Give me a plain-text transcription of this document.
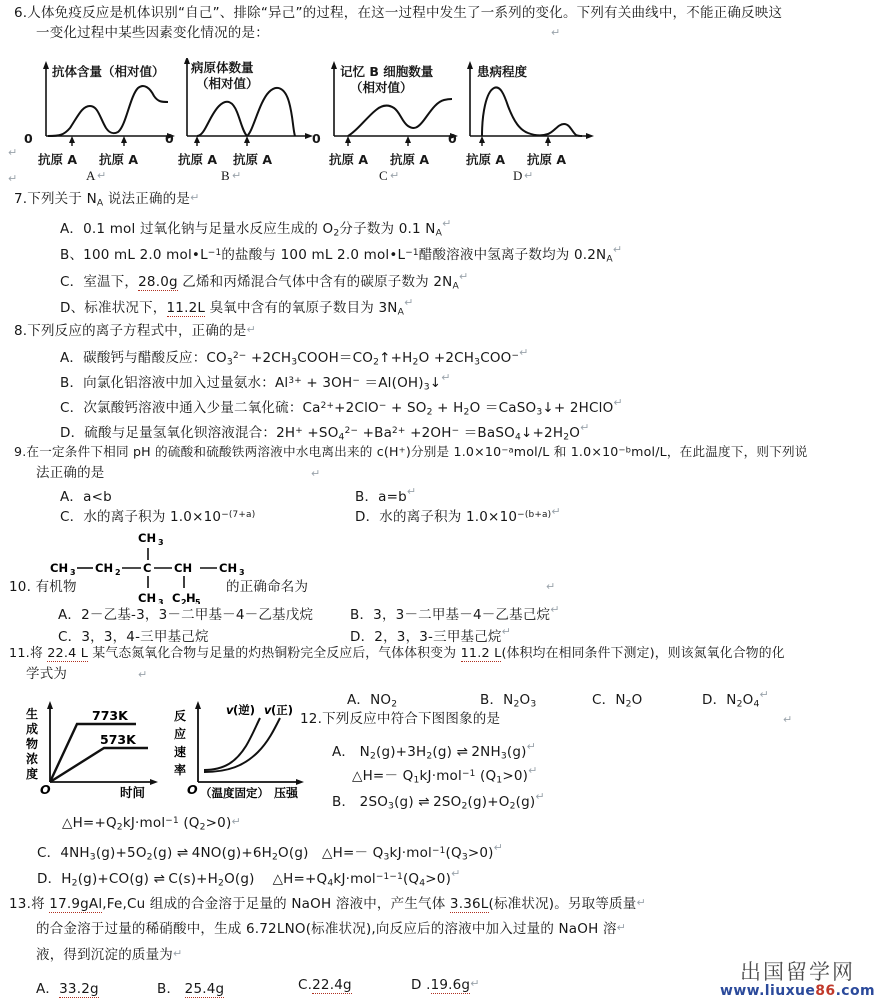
6.人体免疫反应是机体识别“自己”、排除“异己”的过程，在这一过程中发生了一系列的变化。下列有关曲线中，不能正确反映这
一变化过程中某些因素变化情况的是：	↵
0
抗体含量（相对值）
抗原 A 抗原 A
A ↵
0
病原体数量
（相对值）
抗原 A 抗原 A
B ↵
0
记忆 B 细胞数量
（相对值）
抗原 A 抗原 A
C ↵
0
患病程度
抗原 A 抗原 A
D ↵
↵
↵
7.下列关于 $N_A$ 说法正确的是 ↵
A．0.1 mol 过氧化钠与足量水反应生成的 $O_2$分子数为 0.1 $N_A$
↵
B、100 mL 2.0 $mol•L^{-1}$的盐酸与 100 mL 2.0 $mol•L^{-1}$醋酸溶液中氢离子数均为 $0.2N_A$
↵
C．室温下，28.0g 乙烯和丙烯混合气体中含有的碳原子数为 $2N_A$
↵
D、标准状况下，11.2L 臭氧中含有的氧原子数目为 $3N_A$
↵
8.下列反应的离子方程式中，正确的是 ↵
A．碳酸钙与醋酸反应：$CO_3^{2-}$ $+2CH_3COOH=CO_2↑+H_2O +2CH_3COO^-$ ↵
B．向氯化铝溶液中加入过量氨水：$Al^{3+} + 3OH^-$ $=Al(OH)_3↓$ ↵
C．次氯酸钙溶液中通入少量二氧化硫：$Ca^{2+}+2ClO^- + SO_2 + H_2O$ ＝CaSO$_3$↓+ 2HClO ↵
D．硫酸与足量氢氧化钡溶液混合：$2H^+ +SO_4^{2-} +Ba^{2+} +2OH^-$ $=BaSO_4↓+2H_2O$ ↵
9.在一定条件下相同 pH 的硫酸和硫酸铁两溶液中水电离出来的 c(H+)分别是 $1.0\times 10^{-a}mol/L$ 和 $1.0\times 10^{-b}mol/L$，在此温度下，则下列说
法正确的是	↵
A．a<b	B．a=b ↵
C．水的离子积为 $1.0\times 10^{-(7+a)}$	D．水的离子积为 $1.0\times 10^{-(b+a)}$ ↵
CH 3 CH 2 C CH CH 3
CH 3
CH 3 C 2 H 5
10. 有机物	的正确命名为	↵
A．2－乙基-3，3－二甲基－4－乙基戊烷	B．3，3－二甲基－4－乙基己烷 ↵
C．3，3，4-三甲基己烷	D．2，3，3-三甲基己烷 ↵
11.将 22.4 L 某气态氮氧化合物与足量的灼热铜粉完全反应后，气体体积变为 11.2 L(体积均在相同条件下测定)，则该氮氧化合物的化
学式为	↵
A．$NO_2$	B．$N_2O_3$	C．$N_2O$	D．$N_2O_4$
↵
773K
573K
O	时间
生
成
物
浓
度
v (逆) v (正)
O （温度固定） 压强
反
应
速
率
12.下列反应中符合下图图象的是	↵
A． $N_2(g)+3H_2(g)$ ⇌ $2NH_3(g)$ ↵
△H=－ $Q_1kJ\cdot mol^{-1}$ $(Q_1>0)$ ↵
B． $2SO_3(g)$ ⇌ $2SO_2(g)+O_2(g)$ ↵
$\triangle H=+Q_2kJ\cdot mol^{-1}$ $(Q_2>0)$ ↵
C．$4NH_3(g)+5O_2(g)$ ⇌ $4NO(g)+6H_2O(g)$   △H=－ $Q_3kJ\cdot mol^{-1}(Q_3>0)$ ↵
D．$H_2(g)+CO(g)$ ⇌ $C(s)+H_2O(g)$    $\triangle H=+Q_4kJ\cdot mol^{-1-1}(Q_4>0)$ ↵
13.将 17.9gAl,Fe,Cu 组成的合金溶于足量的 NaOH 溶液中，产生气体 3.36L(标准状况)。另取等质量 ↵
的合金溶于过量的稀硝酸中，生成 6.72LNO(标准状况),向反应后的溶液中加入过量的 NaOH 溶 ↵
液，得到沉淀的质量为 ↵
A．33.2g	B． 25.4g	C.22.4g	D .19.6g ↵	出国留学网
www.liuxue86.com
